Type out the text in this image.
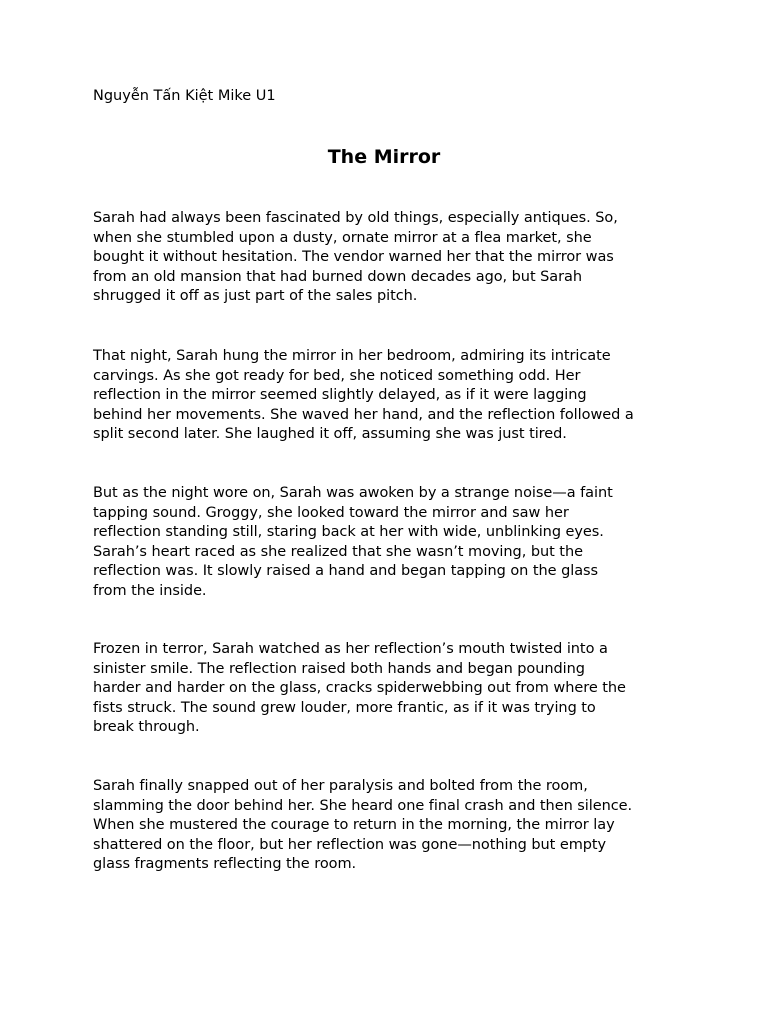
Nguyễn Tấn Kiệt Mike U1
The Mirror

Sarah had always been fascinated by old things, especially antiques. So,
when she stumbled upon a dusty, ornate mirror at a flea market, she
bought it without hesitation. The vendor warned her that the mirror was
from an old mansion that had burned down decades ago, but Sarah
shrugged it off as just part of the sales pitch.

That night, Sarah hung the mirror in her bedroom, admiring its intricate
carvings. As she got ready for bed, she noticed something odd. Her
reflection in the mirror seemed slightly delayed, as if it were lagging
behind her movements. She waved her hand, and the reflection followed a
split second later. She laughed it off, assuming she was just tired.

But as the night wore on, Sarah was awoken by a strange noise—a faint
tapping sound. Groggy, she looked toward the mirror and saw her
reflection standing still, staring back at her with wide, unblinking eyes.
Sarah’s heart raced as she realized that she wasn’t moving, but the
reflection was. It slowly raised a hand and began tapping on the glass
from the inside.

Frozen in terror, Sarah watched as her reflection’s mouth twisted into a
sinister smile. The reflection raised both hands and began pounding
harder and harder on the glass, cracks spiderwebbing out from where the
fists struck. The sound grew louder, more frantic, as if it was trying to
break through.

Sarah finally snapped out of her paralysis and bolted from the room,
slamming the door behind her. She heard one final crash and then silence.
When she mustered the courage to return in the morning, the mirror lay
shattered on the floor, but her reflection was gone—nothing but empty
glass fragments reflecting the room.
